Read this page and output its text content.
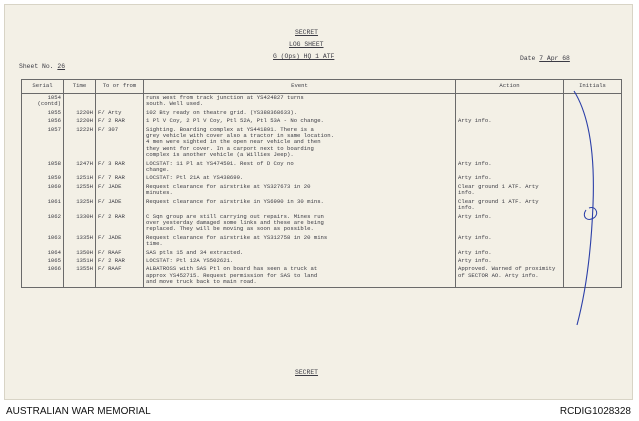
SECRET
LOG SHEET
G (Ops) HQ 1 ATF
Sheet No. 26
Date 7 Apr 68
Serial	Time	To or from	Event	Action	Initials
1054 (contd)			runs west from track junction at YS424827 turns
south. Well used.		
1055	1220H	F/ Arty	102 Bty ready on theatre grid. (YS388368633).		
1056	1220H	F/ 2 RAR	1 Pl V Coy, 2 Pl V Coy, Ptl 52A, Ptl 53A - No change.	Arty info.	
1057	1222H	F/ 307	Sighting. Boarding complex at YS441891. There is a
grey vehicle with cover also a tractor in same location.
4 men were sighted in the open near vehicle and then
they went for cover. In a carport next to boarding
complex is another vehicle (a Willies Jeep).		
1058	1247H	F/ 3 RAR	LOCSTAT: 11 Pl at YS474501. Rest of D Coy no
change.	Arty info.	
1059	1251H	F/ 7 RAR	LOCSTAT: Ptl 21A at YS438699.	Arty info.	
1060	1255H	F/ JADE	Request clearance for airstrike at YS327673 in 20
minutes.	Clear ground 1 ATF. Arty
info.	
1061	1325H	F/ JADE	Request clearance for airstrike in YS6990 in 30 mins.	Clear ground 1 ATF. Arty
info.	
1062	1330H	F/ 2 RAR	C Sqn group are still carrying out repairs. Mines run
over yesterday damaged some links and these are being
replaced. They will be moving as soon as possible.	Arty info.	
1063	1335H	F/ JADE	Request clearance for airstrike at YS312758 in 20 mins
time.	Arty info.	
1064	1350H	F/ RAAF	SAS ptls 15 and 34 extracted.	Arty info.	
1065	1351H	F/ 2 RAR	LOCSTAT: Ptl 12A YS502621.	Arty info.	
1066	1355H	F/ RAAF	ALBATROSS with SAS Ptl on board has seen a truck at
approx YS452715. Request permission for SAS to land
and move truck back to main road.	Approved. Warned of proximity
of SECTOR AO. Arty info.	
SECRET
AUSTRALIAN WAR MEMORIAL	RCDIG1028328
